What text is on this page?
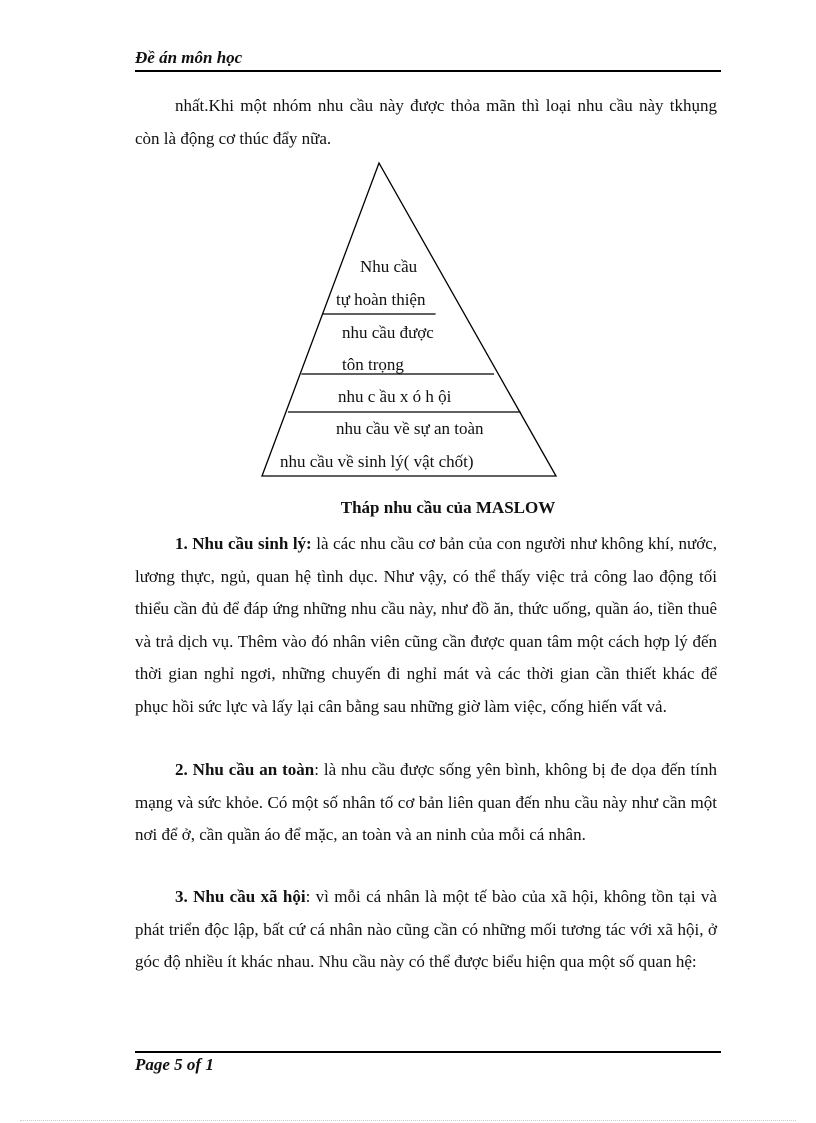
Đề án môn học

nhất.Khi một nhóm nhu cầu này được thỏa mãn thì loại nhu cầu này tkhụng còn là động cơ thúc đẩy nữa.

Nhu cầu
tự hoàn thiện
nhu cầu được
tôn trọng
nhu c ầu x ó h ội
nhu cầu về sự an toàn
nhu cầu về sinh lý( vật chốt)
Tháp nhu cầu của MASLOW

1. Nhu cầu sinh lý: là các nhu cầu cơ bản của con người như không khí, nước, lương thực, ngủ, quan hệ tình dục. Như vậy, có thể thấy việc trả công lao động tối thiểu cần đủ để đáp ứng những nhu cầu này, như đồ ăn, thức uống, quần áo, tiền thuê và trả dịch vụ. Thêm vào đó nhân viên cũng cần được quan tâm một cách hợp lý đến thời gian nghỉ ngơi, những chuyến đi nghỉ mát và các thời gian cần thiết khác để phục hồi sức lực và lấy lại cân bằng sau những giờ làm việc, cống hiến vất vả.

2. Nhu cầu an toàn: là nhu cầu được sống yên bình, không bị đe dọa đến tính mạng và sức khỏe. Có một số nhân tố cơ bản liên quan đến nhu cầu này như cần một nơi để ở, cần quần áo để mặc, an toàn và an ninh của mỗi cá nhân.

3. Nhu cầu xã hội: vì mỗi cá nhân là một tế bào của xã hội, không tồn tại và phát triển độc lập, bất cứ cá nhân nào cũng cần có những mối tương tác với xã hội, ở góc độ nhiều ít khác nhau. Nhu cầu này có thể được biểu hiện qua một số quan hệ:

Page 5 of 1
